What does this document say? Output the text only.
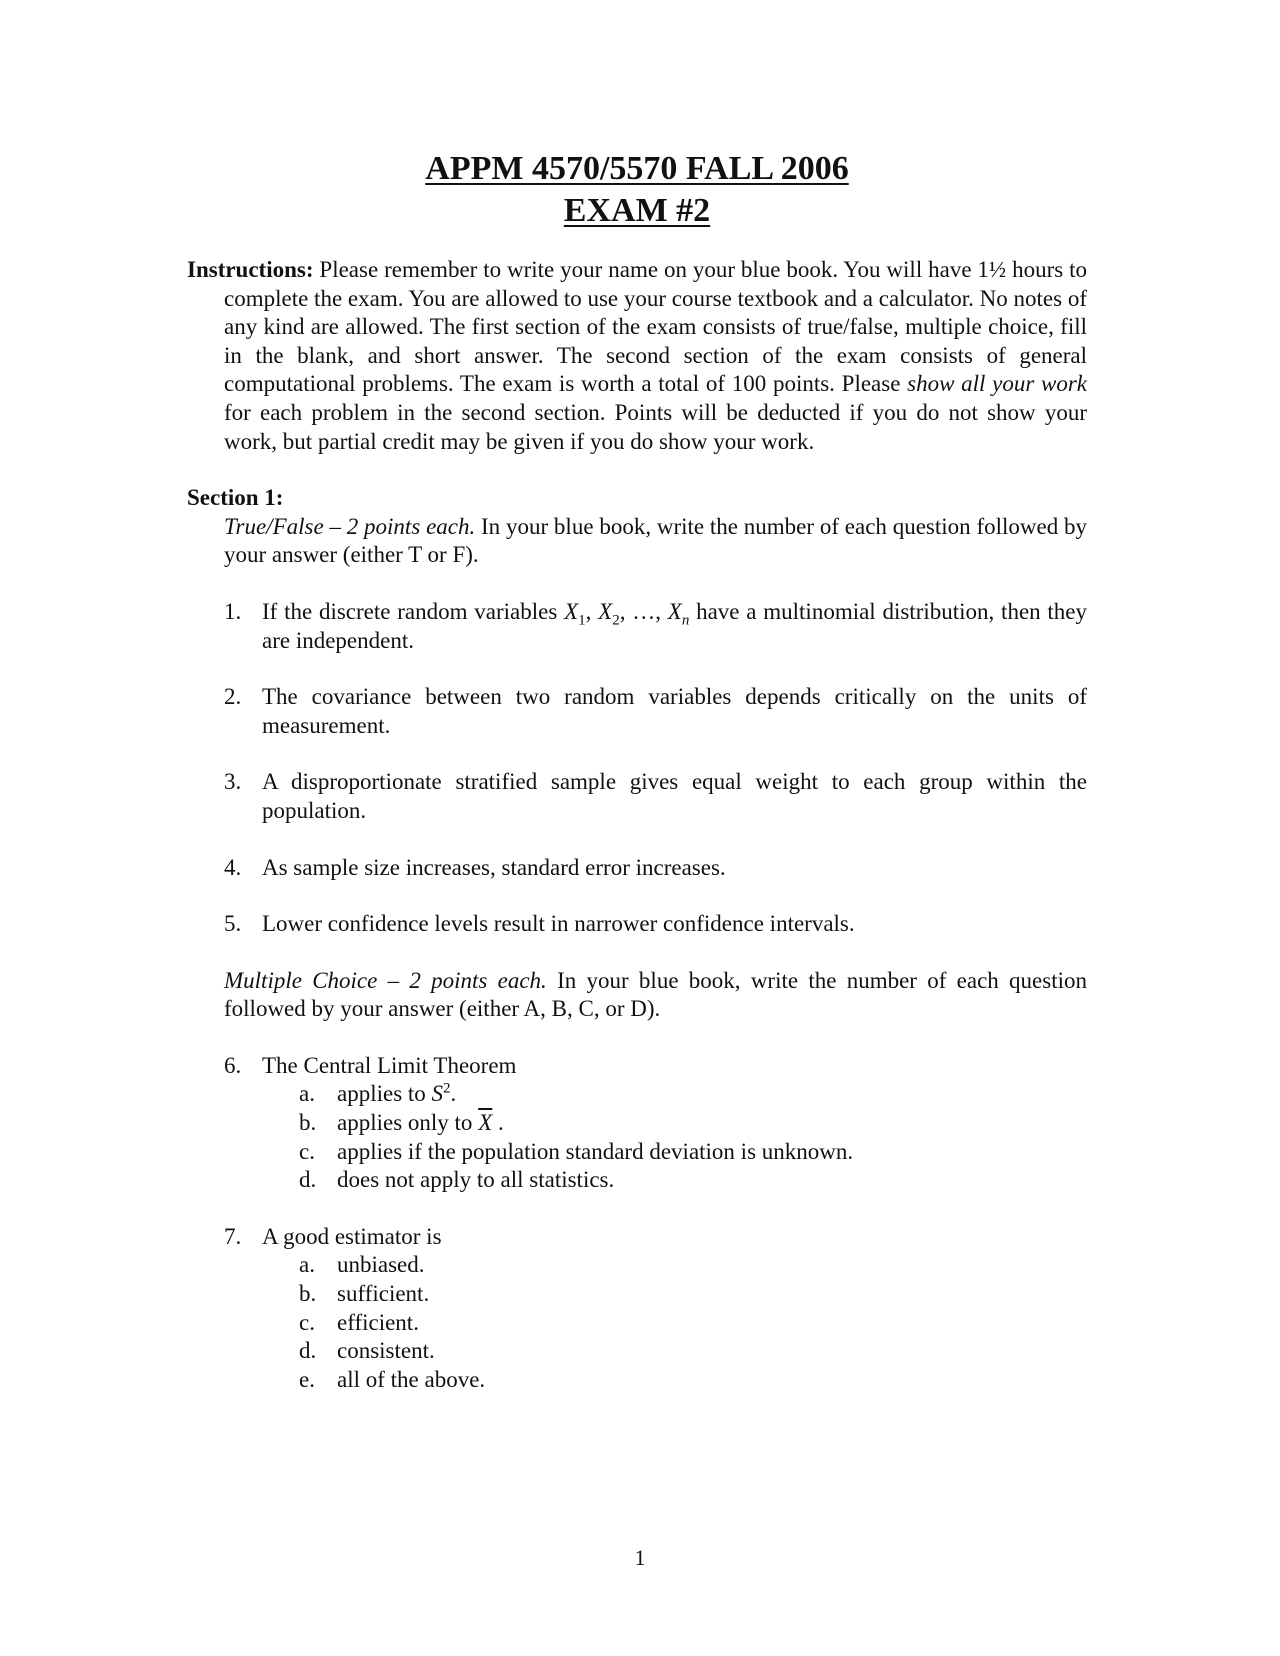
APPM 4570/5570 FALL 2006
EXAM #2
Instructions: Please remember to write your name on your blue book. You will have 1½ hours to complete the exam. You are allowed to use your course textbook and a calculator. No notes of any kind are allowed. The first section of the exam consists of true/false, multiple choice, fill in the blank, and short answer. The second section of the exam consists of general computational problems. The exam is worth a total of 100 points. Please show all your work for each problem in the second section. Points will be deducted if you do not show your work, but partial credit may be given if you do show your work.
Section 1:
True/False – 2 points each. In your blue book, write the number of each question followed by your answer (either T or F).
1. If the discrete random variables $X_1$, $X_2$, …, $X_n$ have a multinomial distribution, then they are independent.
2. The covariance between two random variables depends critically on the units of measurement.
3. A disproportionate stratified sample gives equal weight to each group within the population.
4. As sample size increases, standard error increases.
5. Lower confidence levels result in narrower confidence intervals.
Multiple Choice – 2 points each. In your blue book, write the number of each question followed by your answer (either A, B, C, or D).
6. The Central Limit Theorem
a. applies to $S^2$.
b. applies only to $\overline{X}$ .
c. applies if the population standard deviation is unknown.
d. does not apply to all statistics.
7. A good estimator is
a. unbiased.
b. sufficient.
c. efficient.
d. consistent.
e. all of the above.
1
